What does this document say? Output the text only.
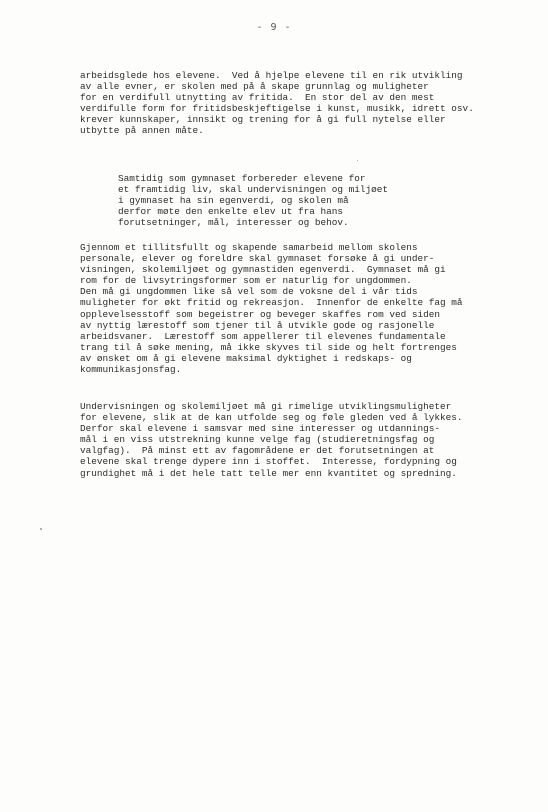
- 9 -
arbeidsglede hos elevene.  Ved å hjelpe elevene til en rik utvikling
av alle evner, er skolen med på å skape grunnlag og muligheter
for en verdifull utnytting av fritida.  En stor del av den mest
verdifulle form for fritidsbeskjeftigelse i kunst, musikk, idrett osv.
krever kunnskaper, innsikt og trening for å gi full nytelse eller
utbytte på annen måte.
Samtidig som gymnaset forbereder elevene for
et framtidig liv, skal undervisningen og miljøet
i gymnaset ha sin egenverdi, og skolen må
derfor møte den enkelte elev ut fra hans
forutsetninger, mål, interesser og behov.
Gjennom et tillitsfullt og skapende samarbeid mellom skolens
personale, elever og foreldre skal gymnaset forsøke å gi under-
visningen, skolemiljøet og gymnastiden egenverdi.  Gymnaset må gi
rom for de livsytringsformer som er naturlig for ungdommen.
Den må gi ungdommen like så vel som de voksne del i vår tids
muligheter for økt fritid og rekreasjon.  Innenfor de enkelte fag må
opplevelsesstoff som begeistrer og beveger skaffes rom ved siden
av nyttig lærestoff som tjener til å utvikle gode og rasjonelle
arbeidsvaner.  Lærestoff som appellerer til elevenes fundamentale
trang til å søke mening, må ikke skyves til side og helt fortrenges
av ønsket om å gi elevene maksimal dyktighet i redskaps- og
kommunikasjonsfag.
Undervisningen og skolemiljøet må gi rimelige utviklingsmuligheter
for elevene, slik at de kan utfolde seg og føle gleden ved å lykkes.
Derfor skal elevene i samsvar med sine interesser og utdannings-
mål i en viss utstrekning kunne velge fag (studieretningsfag og
valgfag).  På minst ett av fagområdene er det forutsetningen at
elevene skal trenge dypere inn i stoffet.  Interesse, fordypning og
grundighet må i det hele tatt telle mer enn kvantitet og spredning.
